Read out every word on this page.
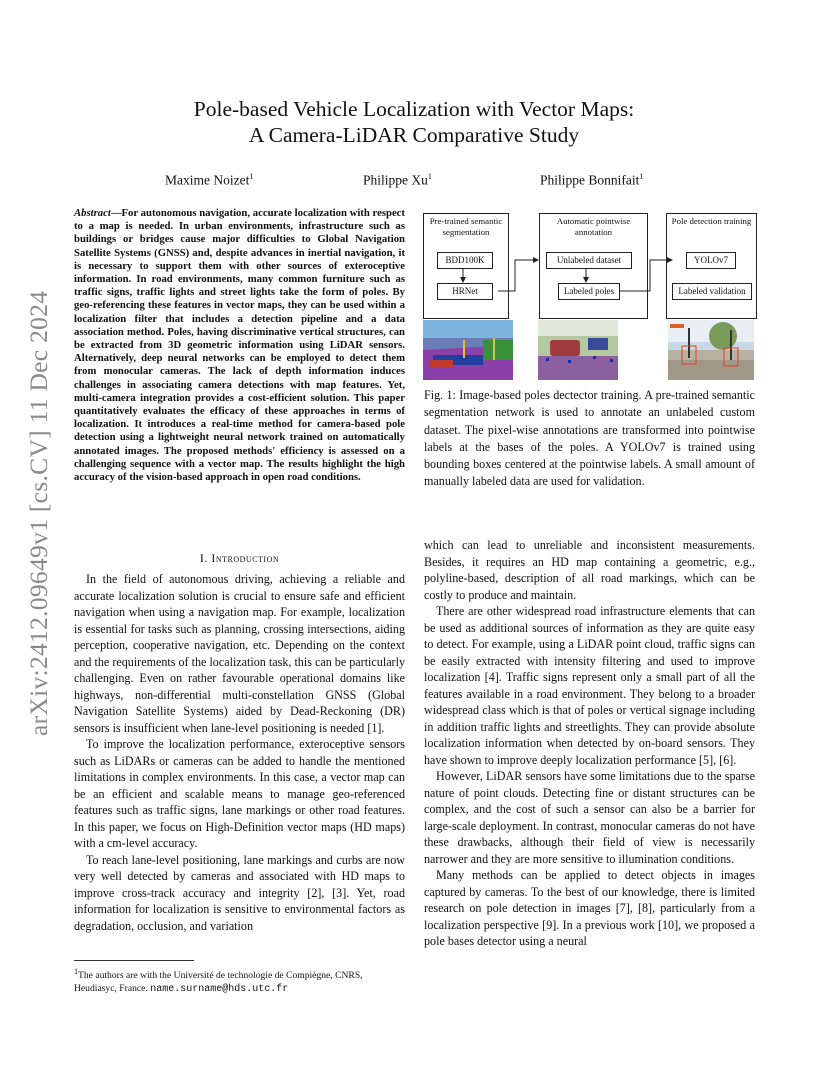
arXiv:2412.09649v1 [cs.CV] 11 Dec 2024
Pole-based Vehicle Localization with Vector Maps:
A Camera-LiDAR Comparative Study
Maxime Noizet$^1$	Philippe Xu$^1$	Philippe Bonnifait$^1$
Abstract—For autonomous navigation, accurate localization with respect to a map is needed. In urban environments, infrastructure such as buildings or bridges cause major difficulties to Global Navigation Satellite Systems (GNSS) and, despite advances in inertial navigation, it is necessary to support them with other sources of exteroceptive information. In road environments, many common furniture such as traffic signs, traffic lights and street lights take the form of poles. By geo-referencing these features in vector maps, they can be used within a localization filter that includes a detection pipeline and a data association method. Poles, having discriminative vertical structures, can be extracted from 3D geometric information using LiDAR sensors. Alternatively, deep neural networks can be employed to detect them from monocular cameras. The lack of depth information induces challenges in associating camera detections with map features. Yet, multi-camera integration provides a cost-efficient solution. This paper quantitatively evaluates the efficacy of these approaches in terms of localization. It introduces a real-time method for camera-based pole detection using a lightweight neural network trained on automatically annotated images. The proposed methods' efficiency is assessed on a challenging sequence with a vector map. The results highlight the high accuracy of the vision-based approach in open road conditions.
I. Introduction

In the field of autonomous driving, achieving a reliable and accurate localization solution is crucial to ensure safe and efficient navigation when using a navigation map. For example, localization is essential for tasks such as planning, crossing intersections, aiding perception, cooperative navigation, etc. Depending on the context and the requirements of the localization task, this can be particularly challenging. Even on rather favourable operational domains like highways, non-differential multi-constellation GNSS (Global Navigation Satellite Systems) aided by Dead-Reckoning (DR) sensors is insufficient when lane-level positioning is needed [1].

To improve the localization performance, exteroceptive sensors such as LiDARs or cameras can be added to handle the mentioned limitations in complex environments. In this case, a vector map can be an efficient and scalable means to manage geo-referenced features such as traffic signs, lane markings or other road features. In this paper, we focus on High-Definition vector maps (HD maps) with a cm-level accuracy.

To reach lane-level positioning, lane markings and curbs are now very well detected by cameras and associated with HD maps to improve cross-track accuracy and integrity [2], [3]. Yet, road information for localization is sensitive to environmental factors as degradation, occlusion, and variation

$^1$The authors are with the Université de technologie de Compiègne, CNRS, Heudiasyc, France. name.surname@hds.utc.fr
Pre-trained semantic segmentation
BDD100K
HRNet
Automatic pointwise annotation
Unlabeled dataset
Labeled poles
Pole detection training
YOLOv7
Labeled validation
Fig. 1: Image-based poles dectector training. A pre-trained semantic segmentation network is used to annotate an unlabeled custom dataset. The pixel-wise annotations are transformed into pointwise labels at the bases of the poles. A YOLOv7 is trained using bounding boxes centered at the pointwise labels. A small amount of manually labeled data are used for validation.

which can lead to unreliable and inconsistent measurements. Besides, it requires an HD map containing a geometric, e.g., polyline-based, description of all road markings, which can be costly to produce and maintain.

There are other widespread road infrastructure elements that can be used as additional sources of information as they are quite easy to detect. For example, using a LiDAR point cloud, traffic signs can be easily extracted with intensity filtering and used to improve localization [4]. Traffic signs represent only a small part of all the features available in a road environment. They belong to a broader widespread class which is that of poles or vertical signage including in addition traffic lights and streetlights. They can provide absolute localization information when detected by on-board sensors. They have shown to improve deeply localization performance [5], [6].

However, LiDAR sensors have some limitations due to the sparse nature of point clouds. Detecting fine or distant structures can be complex, and the cost of such a sensor can also be a barrier for large-scale deployment. In contrast, monocular cameras do not have these drawbacks, although their field of view is necessarily narrower and they are more sensitive to illumination conditions.

Many methods can be applied to detect objects in images captured by cameras. To the best of our knowledge, there is limited research on pole detection in images [7], [8], particularly from a localization perspective [9]. In a previous work [10], we proposed a pole bases detector using a neural
